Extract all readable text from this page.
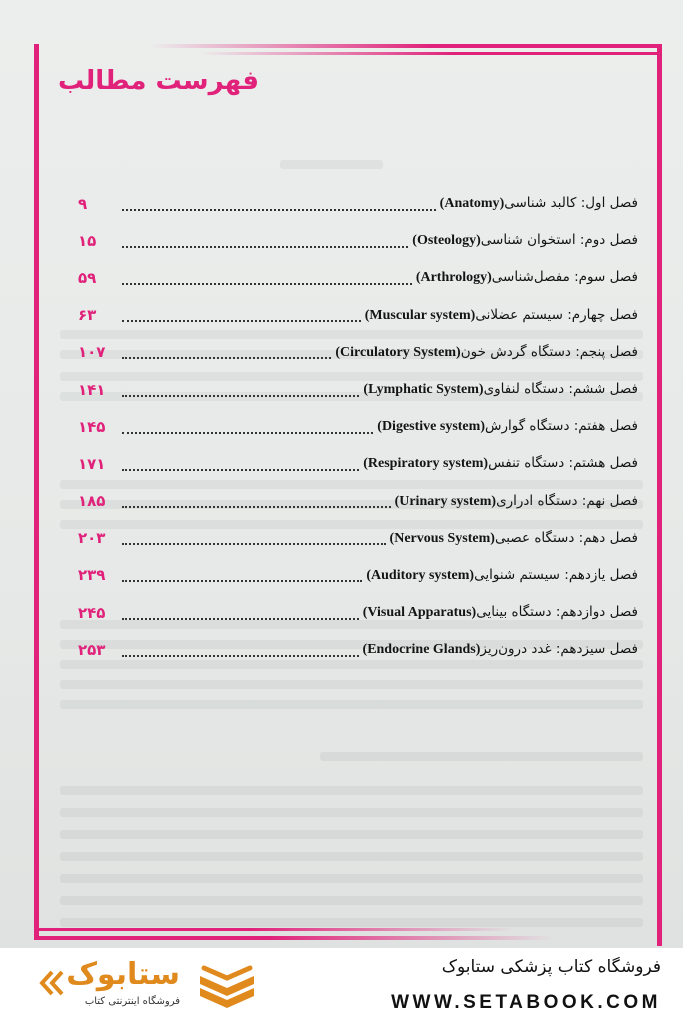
فهرست مطالب
فصل اول: کالبد شناسی(Anatomy)
۹
فصل دوم: استخوان شناسی(Osteology)
۱۵
فصل سوم: مفصل‌شناسی(Arthrology)
۵۹
فصل چهارم: سیستم عضلانی(Muscular system)
۶۳
فصل پنجم: دستگاه گردش خون(Circulatory System)
۱۰۷
فصل ششم: دستگاه لنفاوی(Lymphatic System)
۱۴۱
فصل هفتم: دستگاه گوارش(Digestive system)
۱۴۵
فصل هشتم: دستگاه تنفس(Respiratory system)
۱۷۱
فصل نهم: دستگاه ادراری(Urinary system)
۱۸۵
فصل دهم: دستگاه عصبی(Nervous System)
۲۰۳
فصل یازدهم: سیستم شنوایی(Auditory system)
۲۳۹
فصل دوازدهم: دستگاه بینایی(Visual Apparatus)
۲۴۵
فصل سیزدهم: غدد درون‌ریز(Endocrine Glands)
۲۵۳
فروشگاه کتاب پزشکی ستابوک
WWW.SETABOOK.COM
ستابوک
فروشگاه اینترنتی کتاب
